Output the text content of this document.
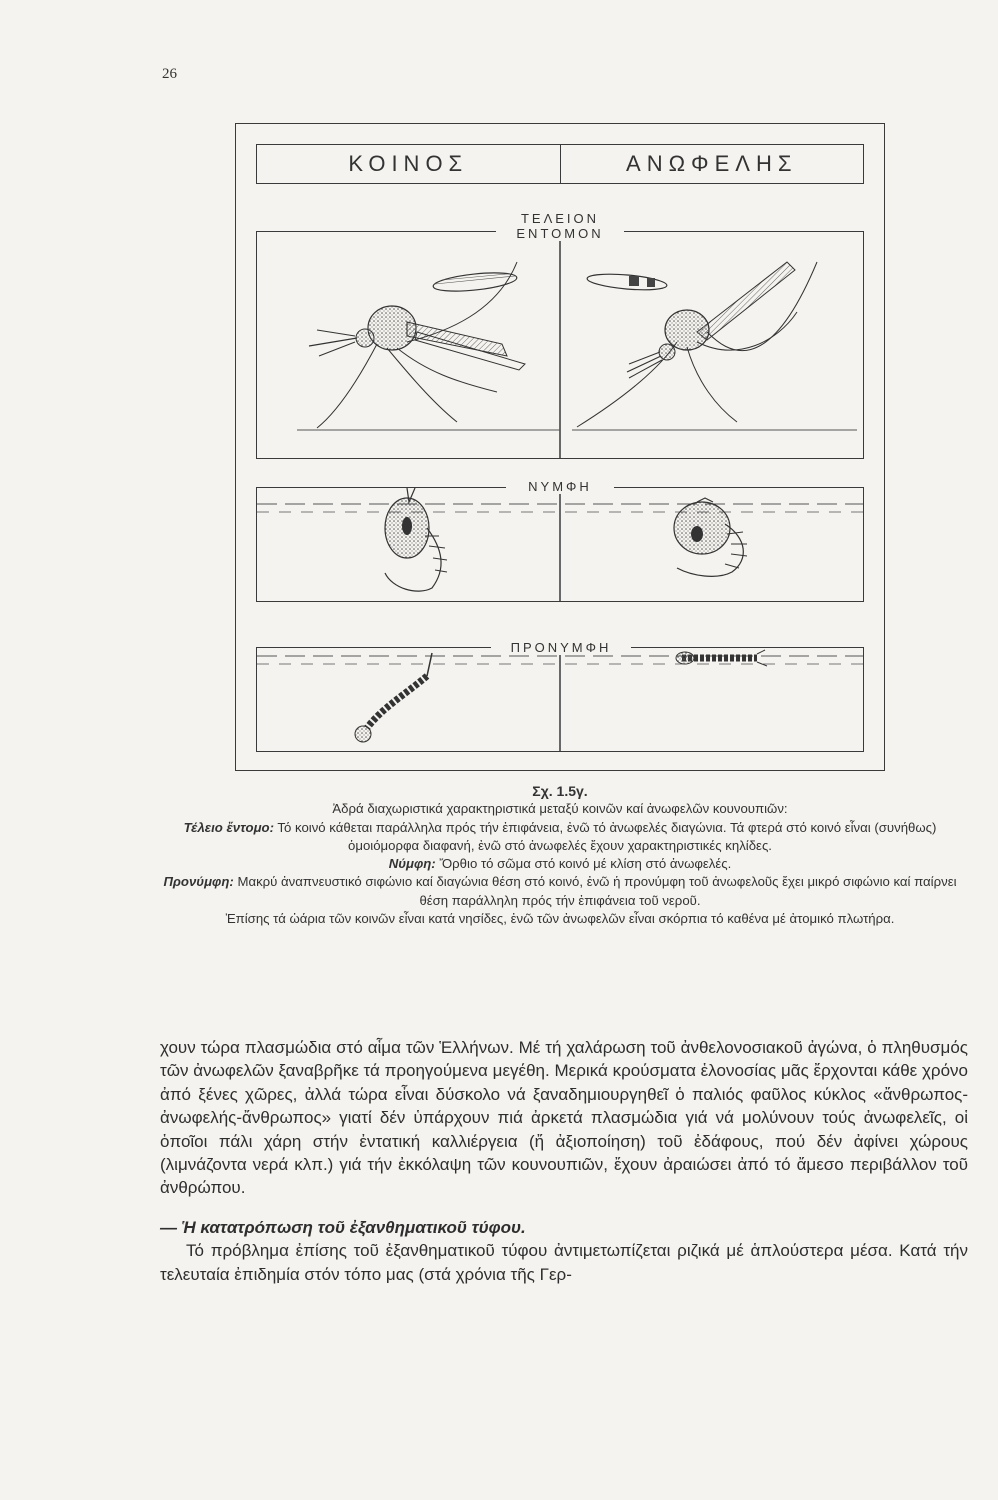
26
ΚΟΙΝΟΣ	ΑΝΩΦΕΛΗΣ
ΤΕΛΕΙΟΝ
ΕΝΤΟΜΟΝ
ΝΥΜΦΗ
ΠΡΟΝΥΜΦΗ

Σχ. 1.5γ.

Ἀδρά διαχωριστικά χαρακτηριστικά μεταξύ κοινῶν καί ἀνωφελῶν κουνουπιῶν:

Τέλειο ἔντομο: Τό κοινό κάθεται παράλληλα πρός τήν ἐπιφάνεια, ἐνῶ τό ἀνωφελές διαγώνια. Τά φτερά στό κοινό εἶναι (συνήθως) ὁμοιόμορφα διαφανή, ἐνῶ στό ἀνωφελές ἔχουν χαρακτηριστικές κηλίδες.

Νύμφη: Ὄρθιο τό σῶμα στό κοινό μέ κλίση στό ἀνωφελές.

Προνύμφη: Μακρύ ἀναπνευστικό σιφώνιο καί διαγώνια θέση στό κοινό, ἐνῶ ἡ προνύμφη τοῦ ἀνωφελοῦς ἔχει μικρό σιφώνιο καί παίρνει θέση παράλληλη πρός τήν ἐπιφάνεια τοῦ νεροῦ.

Ἐπίσης τά ὠάρια τῶν κοινῶν εἶναι κατά νησίδες, ἐνῶ τῶν ἀνωφελῶν εἶναι σκόρπια τό καθένα μέ ἀτομικό πλωτήρα.

χουν τώρα πλασμώδια στό αἷμα τῶν Ἑλλήνων. Μέ τή χαλάρωση τοῦ ἀνθελονοσιακοῦ ἀγώνα, ὁ πληθυσμός τῶν ἀνωφελῶν ξαναβρῆκε τά προηγούμενα μεγέθη. Μερικά κρούσματα ἑλονοσίας μᾶς ἔρχονται κάθε χρόνο ἀπό ξένες χῶρες, ἀλλά τώρα εἶναι δύσκολο νά ξαναδημιουργηθεῖ ὁ παλιός φαῦλος κύκλος «ἄνθρωπος-ἀνωφελής-ἄνθρωπος» γιατί δέν ὑπάρχουν πιά ἀρκετά πλασμώδια γιά νά μολύνουν τούς ἀνωφελεῖς, οἱ ὁποῖοι πάλι χάρη στήν ἐντατική καλλιέργεια (ἤ ἀξιοποίηση) τοῦ ἐδάφους, πού δέν ἀφίνει χώρους (λιμνάζοντα νερά κλπ.) γιά τήν ἐκκόλαψη τῶν κουνουπιῶν, ἔχουν ἀραιώσει ἀπό τό ἄμεσο περιβάλλον τοῦ ἀνθρώπου.

— Ἡ κατατρόπωση τοῦ ἐξανθηματικοῦ τύφου.

Τό πρόβλημα ἐπίσης τοῦ ἐξανθηματικοῦ τύφου ἀντιμετωπίζεται ριζικά μέ ἁπλούστερα μέσα. Κατά τήν τελευταία ἐπιδημία στόν τόπο μας (στά χρόνια τῆς Γερ-
